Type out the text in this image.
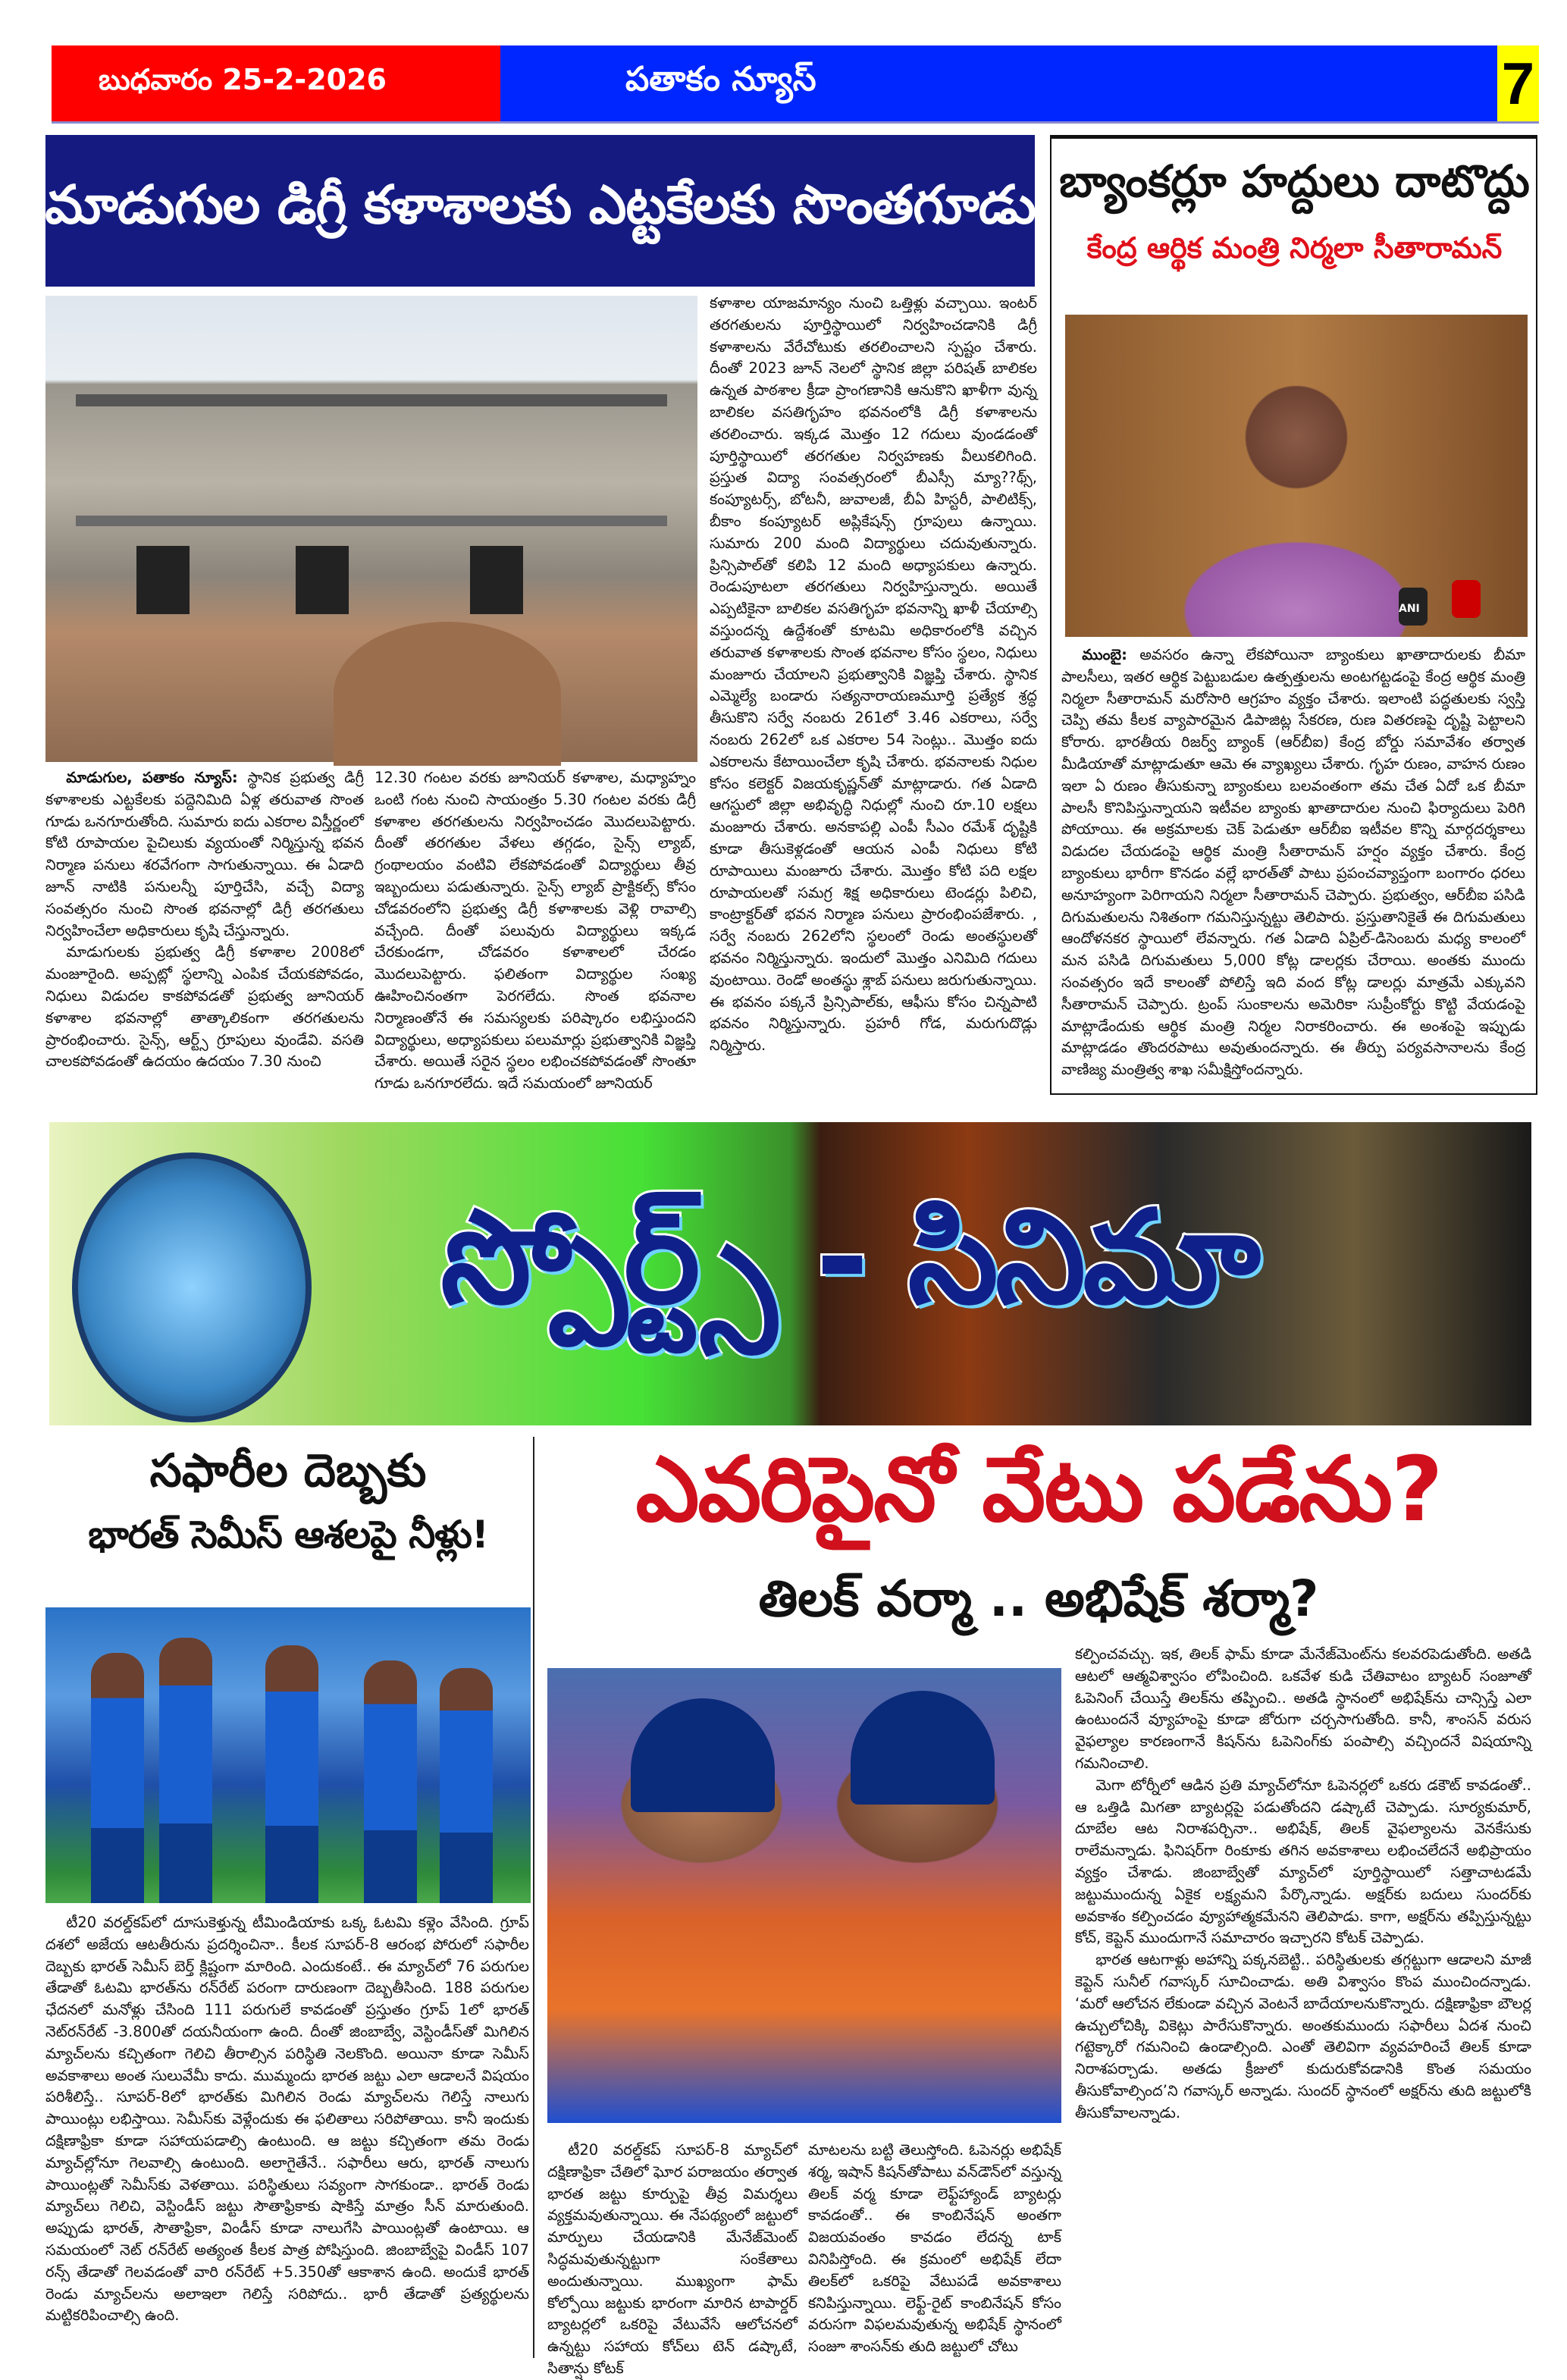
బుధవారం 25-2-2026	పతాకం న్యూస్	7
మాడుగుల డిగ్రీ కళాశాలకు ఎట్టకేలకు సొంతగూడు

మాడుగుల, పతాకం న్యూస్: స్థానిక ప్రభుత్వ డిగ్రీ కళాశాలకు ఎట్టకేలకు పద్దెనిమిది ఏళ్ల తరువాత సొంత గూడు ఒనగూరుతోంది. సుమారు ఐదు ఎకరాల విస్తీర్ణంలో కోటి రూపాయల పైచిలుకు వ్యయంతో నిర్మిస్తున్న భవన నిర్మాణ పనులు శరవేగంగా సాగుతున్నాయి. ఈ ఏడాది జూన్ నాటికి పనులన్నీ పూర్తిచేసి, వచ్చే విద్యా సంవత్సరం నుంచి సొంత భవనాల్లో డిగ్రీ తరగతులు నిర్వహించేలా అధికారులు కృషి చేస్తున్నారు.

మాడుగులకు ప్రభుత్వ డిగ్రీ కళాశాల 2008లో మంజూరైంది. అప్పట్లో స్థలాన్ని ఎంపిక చేయకపోవడం, నిధులు విడుదల కాకపోవడతో ప్రభుత్వ జూనియర్ కళాశాల భవనాల్లో తాత్కాలికంగా తరగతులను ప్రారంభించారు. సైన్స్, ఆర్ట్స్ గ్రూపులు వుండేవి. వసతి చాలకపోవడంతో ఉదయం ఉదయం 7.30 నుంచి

12.30 గంటల వరకు జూనియర్ కళాశాల, మధ్యాహ్నం ఒంటి గంట నుంచి సాయంత్రం 5.30 గంటల వరకు డిగ్రీ కళాశాల తరగతులను నిర్వహించడం మొదలుపెట్టారు. దీంతో తరగతుల వేళలు తగ్గడం, సైన్స్ ల్యాబ్, గ్రంథాలయం వంటివి లేకపోవడంతో విద్యార్థులు తీవ్ర ఇబ్బందులు పడుతున్నారు. సైన్స్ ల్యాబ్ ప్రాక్టికల్స్ కోసం చోడవరంలోని ప్రభుత్వ డిగ్రీ కళాశాలకు వెళ్లి రావాల్సి వచ్చేంది. దీంతో పలువురు విద్యార్థులు ఇక్కడ చేరకుండగా, చోడవరం కళాశాలలో చేరడం మొదలుపెట్టారు. ఫలితంగా విద్యార్థుల సంఖ్య ఊహించినంతగా పెరగలేదు. సొంత భవనాల నిర్మాణంతోనే ఈ సమస్యలకు పరిష్కారం లభిస్తుందని విద్యార్థులు, అధ్యాపకులు పలుమార్లు ప్రభుత్వానికి విజ్ఞప్తి చేశారు. అయితే సరైన స్థలం లభించకపోవడంతో సొంతూ గూడు ఒనగూరలేదు. ఇదే సమయంలో జూనియర్

కళాశాల యాజమాన్యం నుంచి ఒత్తిళ్లు వచ్చాయి. ఇంటర్ తరగతులను పూర్తిస్థాయిలో నిర్వహించడానికి డిగ్రీ కళాశాలను వేరేచోటుకు తరలించాలని స్పష్టం చేశారు. దీంతో 2023 జూన్ నెలలో స్థానిక జిల్లా పరిషత్ బాలికల ఉన్నత పాఠశాల క్రీడా ప్రాంగణానికి ఆనుకొని ఖాళీగా వున్న బాలికల వసతిగృహం భవనంలోకి డిగ్రీ కళాశాలను తరలించారు. ఇక్కడ మొత్తం 12 గదులు వుండడంతో పూర్తిస్థాయిలో తరగతుల నిర్వహణకు వీలుకలిగింది. ప్రస్తుత విద్యా సంవత్సరంలో బీఎస్సీ మ్యా??థ్స్, కంప్యూటర్స్, బోటనీ, జువాలజీ, బీఏ హిస్టరీ, పాలిటిక్స్, బీకాం కంప్యూటర్ అప్లికేషన్స్ గ్రూపులు ఉన్నాయి. సుమారు 200 మంది విద్యార్థులు చదువుతున్నారు. ప్రిన్సిపాల్‌తో కలిపి 12 మంది అధ్యాపకులు ఉన్నారు. రెండుపూటలా తరగతులు నిర్వహిస్తున్నారు. అయితే ఎప్పటికైనా బాలికల వసతిగృహ భవనాన్ని ఖాళీ చేయాల్సి వస్తుందన్న ఉద్దేశంతో కూటమి అధికారంలోకి వచ్చిన తరువాత కళాశాలకు సొంత భవనాల కోసం స్థలం, నిధులు మంజూరు చేయాలని ప్రభుత్వానికి విజ్ఞప్తి చేశారు. స్థానిక ఎమ్మెల్యే బండారు సత్యనారాయణమూర్తి ప్రత్యేక శ్రద్ధ తీసుకొని సర్వే నంబరు 261లో 3.46 ఎకరాలు, సర్వే నంబరు 262లో ఒక ఎకరాల 54 సెంట్లు.. మొత్తం ఐదు ఎకరాలను కేటాయించేలా కృషి చేశారు. భవనాలకు నిధుల కోసం కలెక్టర్ విజయకృష్ణన్‌తో మాట్లాడారు. గత ఏడాది ఆగస్టులో జిల్లా అభివృద్ధి నిధుల్లో నుంచి రూ.10 లక్షలు మంజూరు చేశారు. అనకాపల్లి ఎంపీ సీఎం రమేశ్ దృష్టికి కూడా తీసుకెళ్లడంతో ఆయన ఎంపీ నిధులు కోటి రూపాయిలు మంజూరు చేశారు. మొత్తం కోటి పది లక్షల రూపాయలతో సమగ్ర శిక్ష అధికారులు టెండర్లు పిలిచి, కాంట్రాక్టర్‌తో భవన నిర్మాణ పనులు ప్రారంభింపజేశారు. , సర్వే నంబరు 262లోని స్థలంలో రెండు అంతస్థులతో భవనం నిర్మిస్తున్నారు. ఇందులో మొత్తం ఎనిమిది గదులు వుంటాయి. రెండో అంతస్థు శ్లాబ్ పనులు జరుగుతున్నాయి. ఈ భవనం పక్కనే ప్రిన్సిపాల్‌కు, ఆఫీసు కోసం చిన్నపాటి భవనం నిర్మిస్తున్నారు. ప్రహరీ గోడ, మరుగుదొడ్లు నిర్మిస్తారు.

బ్యాంకర్లూ హద్దులు దాటొద్దు
కేంద్ర ఆర్థిక మంత్రి నిర్మలా సీతారామన్
ANI

ముంబై: అవసరం ఉన్నా లేకపోయినా బ్యాంకులు ఖాతాదారులకు బీమా పాలసీలు, ఇతర ఆర్థిక పెట్టుబడుల ఉత్పత్తులను అంటగట్టడంపై కేంద్ర ఆర్థిక మంత్రి నిర్మలా సీతారామన్ మరోసారి ఆగ్రహం వ్యక్తం చేశారు. ఇలాంటి పద్ధతులకు స్వస్తి చెప్పి తమ కీలక వ్యాపారమైన డిపాజిట్ల సేకరణ, రుణ వితరణపై దృష్టి పెట్టాలని కోరారు. భారతీయ రిజర్వ్ బ్యాంక్ (ఆర్‌బీఐ) కేంద్ర బోర్డు సమావేశం తర్వాత మీడియాతో మాట్లాడుతూ ఆమె ఈ వ్యాఖ్యలు చేశారు. గృహ రుణం, వాహన రుణం ఇలా ఏ రుణం తీసుకున్నా బ్యాంకులు బలవంతంగా తమ చేత ఏదో ఒక బీమా పాలసీ కొనిపిస్తున్నాయని ఇటీవల బ్యాంకు ఖాతాదారుల నుంచి ఫిర్యాదులు పెరిగి పోయాయి. ఈ అక్రమాలకు చెక్ పెడుతూ ఆర్‌బీఐ ఇటీవల కొన్ని మార్గదర్శకాలు విడుదల చేయడంపై ఆర్థిక మంత్రి సీతారామన్ హర్షం వ్యక్తం చేశారు. కేంద్ర బ్యాంకులు భారీగా కొనడం వల్లే భారత్‌తో పాటు ప్రపంచవ్యాప్తంగా బంగారం ధరలు అనూహ్యంగా పెరిగాయని నిర్మలా సీతారామన్ చెప్పారు. ప్రభుత్వం, ఆర్‌బీఐ పసిడి దిగుమతులను నిశితంగా గమనిస్తున్నట్టు తెలిపారు. ప్రస్తుతానికైతే ఈ దిగుమతులు ఆందోళనకర స్థాయిలో లేవన్నారు. గత ఏడాది ఏప్రిల్-డిసెంబరు మధ్య కాలంలో మన పసిడి దిగుమతులు 5,000 కోట్ల డాలర్లకు చేరాయి. అంతకు ముందు సంవత్సరం ఇదే కాలంతో పోలిస్తే ఇది వంద కోట్ల డాలర్లు మాత్రమే ఎక్కువని సీతారామన్ చెప్పారు. ట్రంప్ సుంకాలను అమెరికా సుప్రీంకోర్టు కొట్టి వేయడంపై మాట్లాడేందుకు ఆర్థిక మంత్రి నిర్మల నిరాకరించారు. ఈ అంశంపై ఇప్పుడు మాట్లాడడం తొందరపాటు అవుతుందన్నారు. ఈ తీర్పు పర్యవసానాలను కేంద్ర వాణిజ్య మంత్రిత్వ శాఖ సమీక్షిస్తోందన్నారు.

స్పోర్ట్స్ - సినిమా
సఫారీల దెబ్బకు
భారత్ సెమీస్ ఆశలపై నీళ్లు!

టీ20 వరల్డ్‌కప్‌లో దూసుకెళ్తున్న టీమిండియాకు ఒక్క ఓటమి కళ్లెం వేసింది. గ్రూప్ దశలో అజేయ ఆటతీరును ప్రదర్శించినా.. కీలక సూపర్-8 ఆరంభ పోరులో సఫారీల దెబ్బకు భారత్ సెమీస్ బెర్త్ క్లిష్టంగా మారింది. ఎందుకంటే.. ఈ మ్యాచ్‌లో 76 పరుగుల తేడాతో ఓటమి భారత్‌ను రన్‌రేట్ పరంగా దారుణంగా దెబ్బతీసింది. 188 పరుగుల ఛేదనలో మనోళ్లు చేసింది 111 పరుగులే కావడంతో ప్రస్తుతం గ్రూప్ 1లో భారత్ నెట్‌రన్‌రేట్ -3.800తో దయనీయంగా ఉంది. దీంతో జింబాబ్వే, వెస్టిండీస్‌తో మిగిలిన మ్యాచ్‌లను కచ్చితంగా గెలిచి తీరాల్సిన పరిస్థితి నెలకొంది. అయినా కూడా సెమీస్ అవకాశాలు అంత సులువేమీ కాదు. ముమ్మందు భారత జట్టు ఎలా ఆడాలనే విషయం పరిశీలిస్తే.. సూపర్-8లో భారత్‌కు మిగిలిన రెండు మ్యాచ్‌లను గెలిస్తే నాలుగు పాయింట్లు లభిస్తాయి. సెమీస్‌కు వెళ్లేందుకు ఈ ఫలితాలు సరిపోతాయి. కానీ ఇందుకు దక్షిణాఫ్రికా కూడా సహాయపడాల్సి ఉంటుంది. ఆ జట్టు కచ్చితంగా తమ రెండు మ్యాచ్‌ల్లోనూ గెలవాల్సి ఉంటుంది. అలాగైతేనే.. సఫారీలు ఆరు, భారత్ నాలుగు పాయింట్లతో సెమీస్‌కు వెళతాయి. పరిస్థితులు సవ్యంగా సాగకుండా.. భారత్ రెండు మ్యాచ్‌లు గెలిచి, వెస్టిండీస్ జట్టు సౌతాఫ్రికాకు షాకిస్తే మాత్రం సీన్ మారుతుంది. అప్పుడు భారత్, సౌతాఫ్రికా, విండీస్ కూడా నాలుగేసి పాయింట్లతో ఉంటాయి. ఆ సమయంలో నెట్ రన్‌రేట్ అత్యంత కీలక పాత్ర పోషిస్తుంది. జింబాబ్వేపై విండీస్ 107 రన్స్ తేడాతో గెలవడంతో వారి రన్‌రేట్ +5.350తో ఆకాశాన ఉంది. అందుకే భారత్ రెండు మ్యాచ్‌లను అలాఇలా గెలిస్తే సరిపోదు.. భారీ తేడాతో ప్రత్యర్థులను మట్టికరిపించాల్సి ఉంది.

ఎవరిపైనో వేటు పడేను?
తిలక్ వర్మా .. అభిషేక్ శర్మా?

టీ20 వరల్డ్‌కప్ సూపర్-8 మ్యాచ్‌లో దక్షిణాఫ్రికా చేతిలో ఘోర పరాజయం తర్వాత భారత జట్టు కూర్పుపై తీవ్ర విమర్శలు వ్యక్తమవుతున్నాయి. ఈ నేపథ్యంలో జట్టులో మార్పులు చేయడానికి మేనేజ్‌మెంట్ సిద్ధమవుతున్నట్టుగా సంకేతాలు అందుతున్నాయి. ముఖ్యంగా ఫామ్ కోల్పోయి జట్టుకు భారంగా మారిన టాపార్డర్ బ్యాటర్లలో ఒకరిపై వేటువేసే ఆలోచనలో ఉన్నట్టు సహాయ కోచ్‌లు టెన్ డష్కాటే, సితాన్షు కోటక్

మాటలను బట్టి తెలుస్తోంది. ఓపెనర్లు అభిషేక్ శర్మ, ఇషాన్ కిషన్‌తోపాటు వన్‌డౌన్‌లో వస్తున్న తిలక్ వర్మ కూడా లెఫ్ట్‌హ్యాండ్ బ్యాటర్లు కావడంతో.. ఈ కాంబినేషన్ అంతగా విజయవంతం కావడం లేదన్న టాక్ వినిపిస్తోంది. ఈ క్రమంలో అభిషేక్ లేదా తిలక్‌లో ఒకరిపై వేటుపడే అవకాశాలు కనిపిస్తున్నాయి. లెఫ్ట్-రైట్ కాంబినేషన్ కోసం వరుసగా విఫలమవుతున్న అభిషేక్ స్థానంలో సంజూ శాంసన్‌కు తుది జట్టులో చోటు

కల్పించవచ్చు. ఇక, తిలక్ ఫామ్ కూడా మేనేజ్‌మెంట్‌ను కలవరపెడుతోంది. అతడి ఆటలో ఆత్మవిశ్వాసం లోపించింది. ఒకవేళ కుడి చేతివాటం బ్యాటర్ సంజూతో ఓపెనింగ్ చేయిస్తే తిలక్‌ను తప్పించి.. అతడి స్థానంలో అభిషేక్‌ను చాన్సిస్తే ఎలా ఉంటుందనే వ్యూహంపై కూడా జోరుగా చర్చసాగుతోంది. కానీ, శాంసన్ వరుస వైఫల్యాల కారణంగానే కిషన్‌ను ఓపెనింగ్‌కు పంపాల్సి వచ్చిందనే విషయాన్ని గమనించాలి.

మెగా టోర్నీలో ఆడిన ప్రతి మ్యాచ్‌లోనూ ఓపెనర్లలో ఒకరు డకౌట్ కావడంతో.. ఆ ఒత్తిడి మిగతా బ్యాటర్లపై పడుతోందని డష్కాటే చెప్పాడు. సూర్యకుమార్, దూబేల ఆట నిరాశపర్చినా.. అభిషేక్, తిలక్ వైఫల్యాలను వెనకేసుకు రాలేమన్నాడు. ఫినిషర్‌గా రింకూకు తగిన అవకాశాలు లభించలేదనే అభిప్రాయం వ్యక్తం చేశాడు. జింబాబ్వేతో మ్యాచ్‌లో పూర్తిస్థాయిలో సత్తాచాటడమే జట్టుముందున్న ఏకైక లక్ష్యమని పేర్కొన్నాడు. అక్షర్‌కు బదులు సుందర్‌కు అవకాశం కల్పించడం వ్యూహాత్మకమేనని తెలిపాడు. కాగా, అక్షర్‌ను తప్పిస్తున్నట్టు కోచ్, కెప్టెన్ ముందుగానే సమాచారం ఇచ్చారని కోటక్ చెప్పాడు.

భారత ఆటగాళ్లు అహాన్ని పక్కనబెట్టి.. పరిస్థితులకు తగ్గట్టుగా ఆడాలని మాజీ కెప్టెన్ సునీల్ గవాస్కర్ సూచించాడు. అతి విశ్వాసం కొంప ముంచిందన్నాడు. ‘మరో ఆలోచన లేకుండా వచ్చిన వెంటనే బాదేయాలనుకొన్నారు. దక్షిణాఫ్రికా బౌలర్ల ఉచ్చులోచిక్కి వికెట్లు పారేసుకొన్నారు. అంతకుముందు సఫారీలు ఏదశ నుంచి గట్టెక్కారో గమనించి ఉండాల్సింది. ఎంతో తెలివిగా వ్యవహరించే తిలక్ కూడా నిరాశపర్చాడు. అతడు క్రీజులో కుదురుకోవడానికి కొంత సమయం తీసుకోవాల్సింద’ని గవాస్కర్ అన్నాడు. సుందర్ స్థానంలో అక్షర్‌ను తుది జట్టులోకి తీసుకోవాలన్నాడు.
